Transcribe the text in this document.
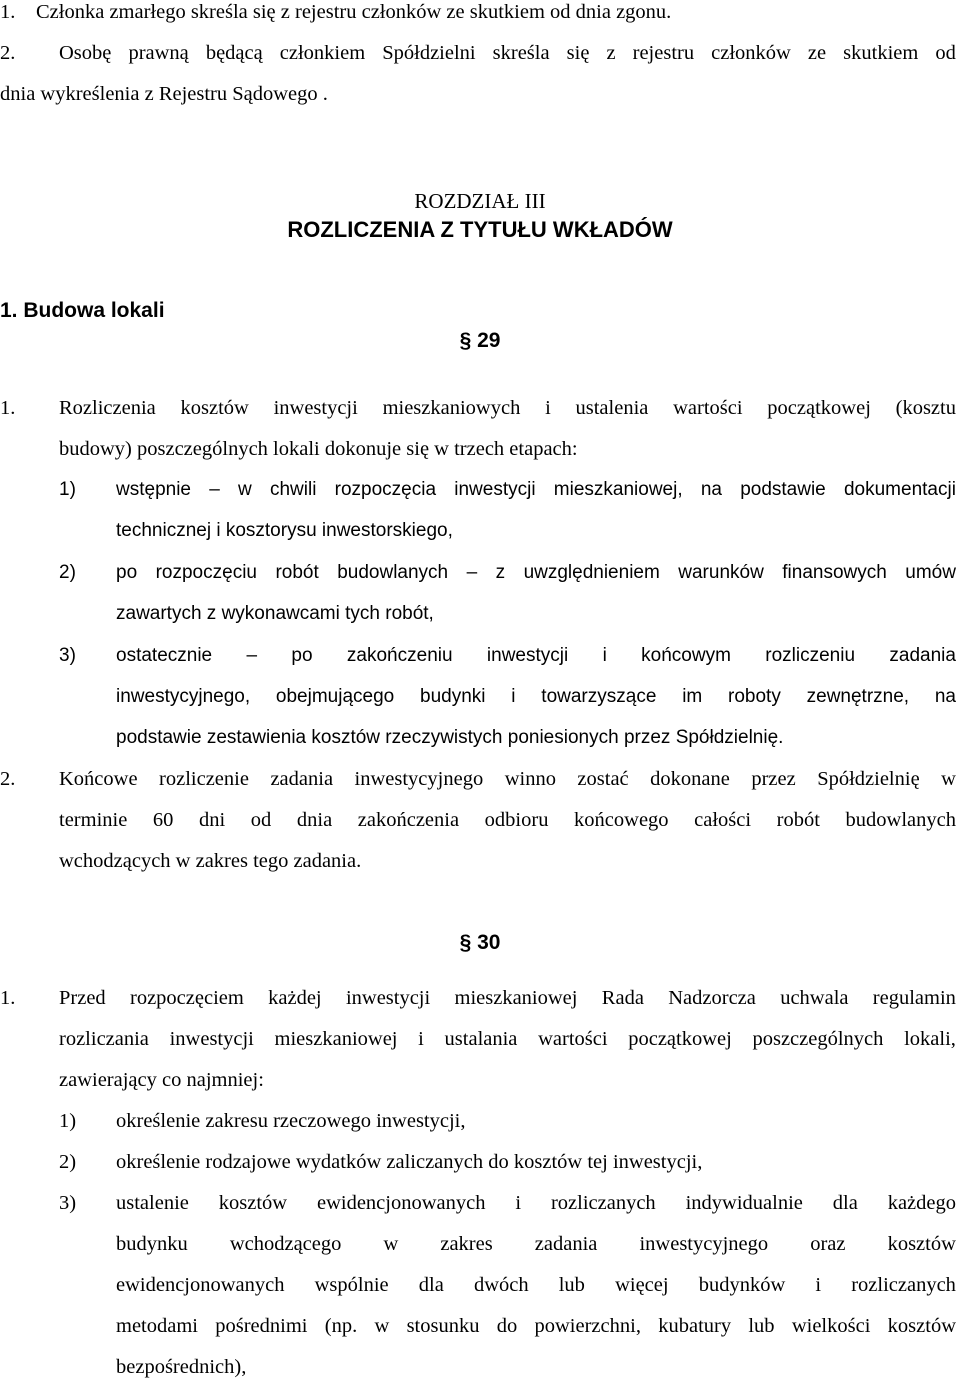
1. Członka zmarłego skreśla się z rejestru członków ze skutkiem od dnia zgonu.
2. Osobę prawną będącą członkiem Spółdzielni skreśla się z rejestru członków ze skutkiem od
dnia wykreślenia z Rejestru Sądowego .
ROZDZIAŁ III
ROZLICZENIA Z TYTUŁU WKŁADÓW
1. Budowa lokali
§ 29
1. Rozliczenia kosztów inwestycji mieszkaniowych i ustalenia wartości początkowej (kosztu
budowy) poszczególnych lokali dokonuje się w trzech etapach:
1) wstępnie – w chwili rozpoczęcia inwestycji mieszkaniowej, na podstawie dokumentacji
technicznej i kosztorysu inwestorskiego,
2) po rozpoczęciu robót budowlanych – z uwzględnieniem warunków finansowych umów
zawartych z wykonawcami tych robót,
3) ostatecznie – po zakończeniu inwestycji i końcowym rozliczeniu zadania
inwestycyjnego, obejmującego budynki i towarzyszące im roboty zewnętrzne, na
podstawie zestawienia kosztów rzeczywistych poniesionych przez Spółdzielnię.
2. Końcowe rozliczenie zadania inwestycyjnego winno zostać dokonane przez Spółdzielnię w
terminie 60 dni od dnia zakończenia odbioru końcowego całości robót budowlanych
wchodzących w zakres tego zadania.
§ 30
1. Przed rozpoczęciem każdej inwestycji mieszkaniowej Rada Nadzorcza uchwala regulamin
rozliczania inwestycji mieszkaniowej i ustalania wartości początkowej poszczególnych lokali,
zawierający co najmniej:
1) określenie zakresu rzeczowego inwestycji,
2) określenie rodzajowe wydatków zaliczanych do kosztów tej inwestycji,
3) ustalenie kosztów ewidencjonowanych i rozliczanych indywidualnie dla każdego
budynku wchodzącego w zakres zadania inwestycyjnego oraz kosztów
ewidencjonowanych wspólnie dla dwóch lub więcej budynków i rozliczanych
metodami pośrednimi (np. w stosunku do powierzchni, kubatury lub wielkości kosztów
bezpośrednich),
